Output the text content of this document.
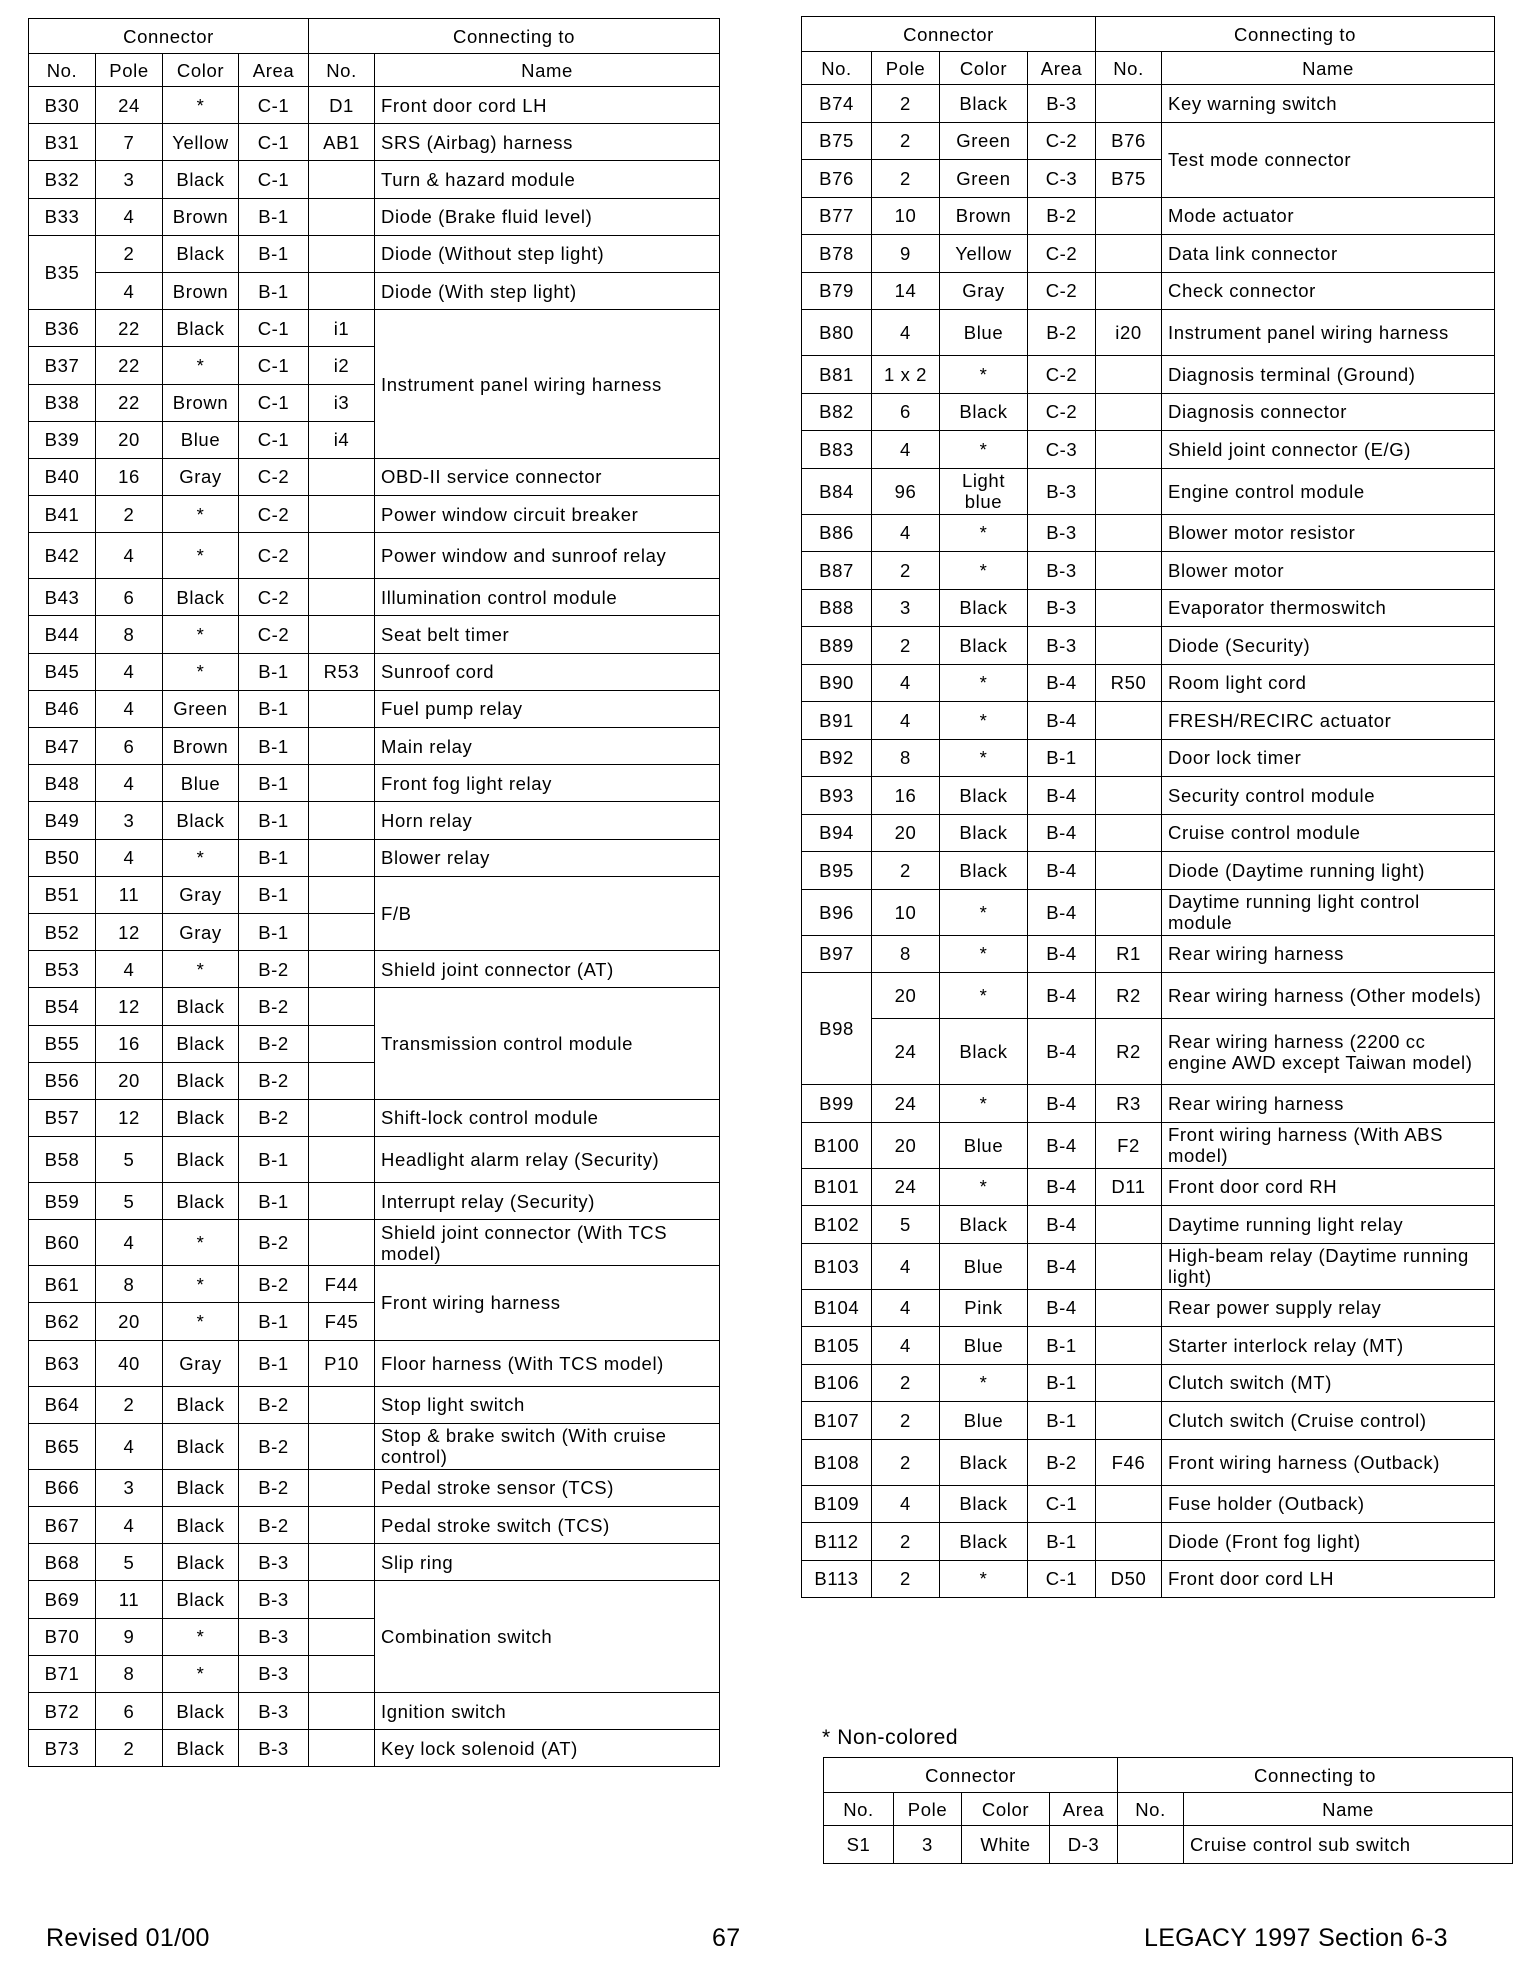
Connector				Connecting to	
No.	Pole	Color	Area	No.	Name
B30	24	*	C-1	D1	Front door cord LH
B31	7	Yellow	C-1	AB1	SRS (Airbag) harness
B32	3	Black	C-1		Turn & hazard module
B33	4	Brown	B-1		Diode (Brake fluid level)
B35	2	Black	B-1		Diode (Without step light)
	4	Brown	B-1		Diode (With step light)
B36	22	Black	C-1	i1	Instrument panel wiring harness
B37	22	*	C-1	i2	
B38	22	Brown	C-1	i3	
B39	20	Blue	C-1	i4	
B40	16	Gray	C-2		OBD-II service connector
B41	2	*	C-2		Power window circuit breaker
B42	4	*	C-2		Power window and sunroof relay
B43	6	Black	C-2		Illumination control module
B44	8	*	C-2		Seat belt timer
B45	4	*	B-1	R53	Sunroof cord
B46	4	Green	B-1		Fuel pump relay
B47	6	Brown	B-1		Main relay
B48	4	Blue	B-1		Front fog light relay
B49	3	Black	B-1		Horn relay
B50	4	*	B-1		Blower relay
B51	11	Gray	B-1		F/B
B52	12	Gray	B-1		
B53	4	*	B-2		Shield joint connector (AT)
B54	12	Black	B-2		Transmission control module
B55	16	Black	B-2		
B56	20	Black	B-2		
B57	12	Black	B-2		Shift-lock control module
B58	5	Black	B-1		Headlight alarm relay (Security)
B59	5	Black	B-1		Interrupt relay (Security)
B60	4	*	B-2		Shield joint connector (With TCS model)
B61	8	*	B-2	F44	Front wiring harness
B62	20	*	B-1	F45	
B63	40	Gray	B-1	P10	Floor harness (With TCS model)
B64	2	Black	B-2		Stop light switch
B65	4	Black	B-2		Stop & brake switch (With cruise control)
B66	3	Black	B-2		Pedal stroke sensor (TCS)
B67	4	Black	B-2		Pedal stroke switch (TCS)
B68	5	Black	B-3		Slip ring
B69	11	Black	B-3		Combination switch
B70	9	*	B-3		
B71	8	*	B-3		
B72	6	Black	B-3		Ignition switch
B73	2	Black	B-3		Key lock solenoid (AT)
Connector				Connecting to	
No.	Pole	Color	Area	No.	Name
B74	2	Black	B-3		Key warning switch
B75	2	Green	C-2	B76	Test mode connector
B76	2	Green	C-3	B75	
B77	10	Brown	B-2		Mode actuator
B78	9	Yellow	C-2		Data link connector
B79	14	Gray	C-2		Check connector
B80	4	Blue	B-2	i20	Instrument panel wiring harness
B81	1 x 2	*	C-2		Diagnosis terminal (Ground)
B82	6	Black	C-2		Diagnosis connector
B83	4	*	C-3		Shield joint connector (E/G)
B84	96	Light blue	B-3		Engine control module
B86	4	*	B-3		Blower motor resistor
B87	2	*	B-3		Blower motor
B88	3	Black	B-3		Evaporator thermoswitch
B89	2	Black	B-3		Diode (Security)
B90	4	*	B-4	R50	Room light cord
B91	4	*	B-4		FRESH/RECIRC actuator
B92	8	*	B-1		Door lock timer
B93	16	Black	B-4		Security control module
B94	20	Black	B-4		Cruise control module
B95	2	Black	B-4		Diode (Daytime running light)
B96	10	*	B-4		Daytime running light control module
B97	8	*	B-4	R1	Rear wiring harness
B98	20	*	B-4	R2	Rear wiring harness (Other models)
	24	Black	B-4	R2	Rear wiring harness (2200 cc engine AWD except Taiwan model)
B99	24	*	B-4	R3	Rear wiring harness
B100	20	Blue	B-4	F2	Front wiring harness (With ABS model)
B101	24	*	B-4	D11	Front door cord RH
B102	5	Black	B-4		Daytime running light relay
B103	4	Blue	B-4		High-beam relay (Daytime running light)
B104	4	Pink	B-4		Rear power supply relay
B105	4	Blue	B-1		Starter interlock relay (MT)
B106	2	*	B-1		Clutch switch (MT)
B107	2	Blue	B-1		Clutch switch (Cruise control)
B108	2	Black	B-2	F46	Front wiring harness (Outback)
B109	4	Black	C-1		Fuse holder (Outback)
B112	2	Black	B-1		Diode (Front fog light)
B113	2	*	C-1	D50	Front door cord LH
* Non-colored
Connector				Connecting to	
No.	Pole	Color	Area	No.	Name
S1	3	White	D-3		Cruise control sub switch
Revised 01/00	67	LEGACY 1997 Section 6-3
